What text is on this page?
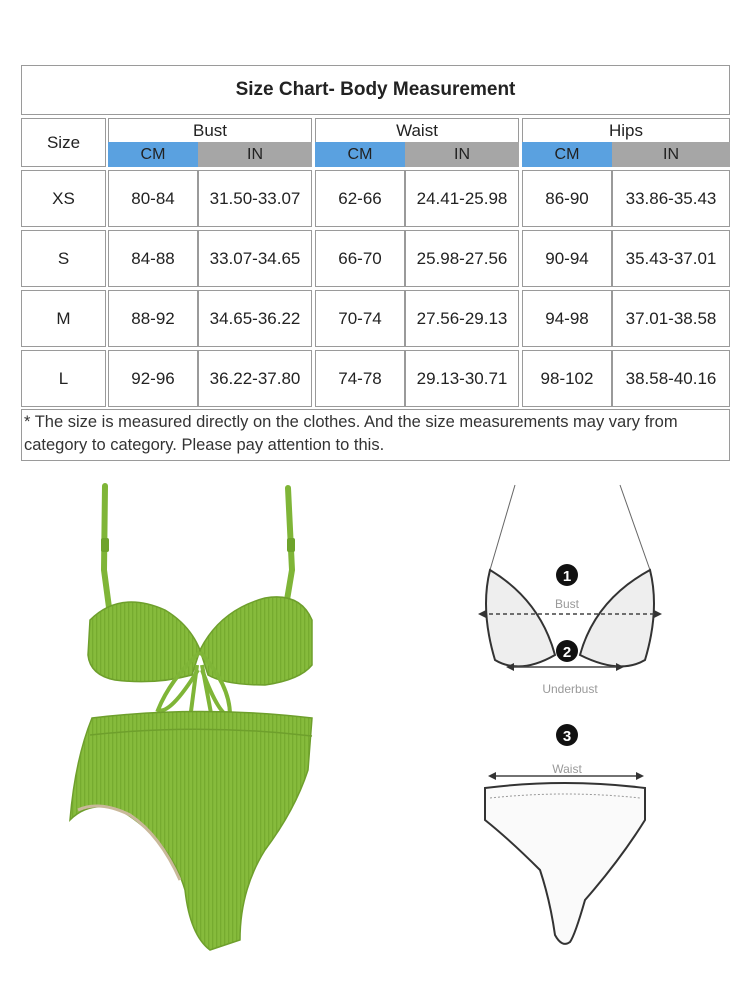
Size Chart- Body Measurement
Size
Bust	Waist	Hips
CM	IN	CM	IN	CM	IN
XS	80-84	31.50-33.07	62-66	24.41-25.98	86-90	33.86-35.43
S	84-88	33.07-34.65	66-70	25.98-27.56	90-94	35.43-37.01
M	88-92	34.65-36.22	70-74	27.56-29.13	94-98	37.01-38.58
L	92-96	36.22-37.80	74-78	29.13-30.71	98-102	38.58-40.16
* The size is measured directly on the clothes. And the size measurements may vary from category to category. Please pay attention to this.
1
Bust
2
Underbust
3
Waist
